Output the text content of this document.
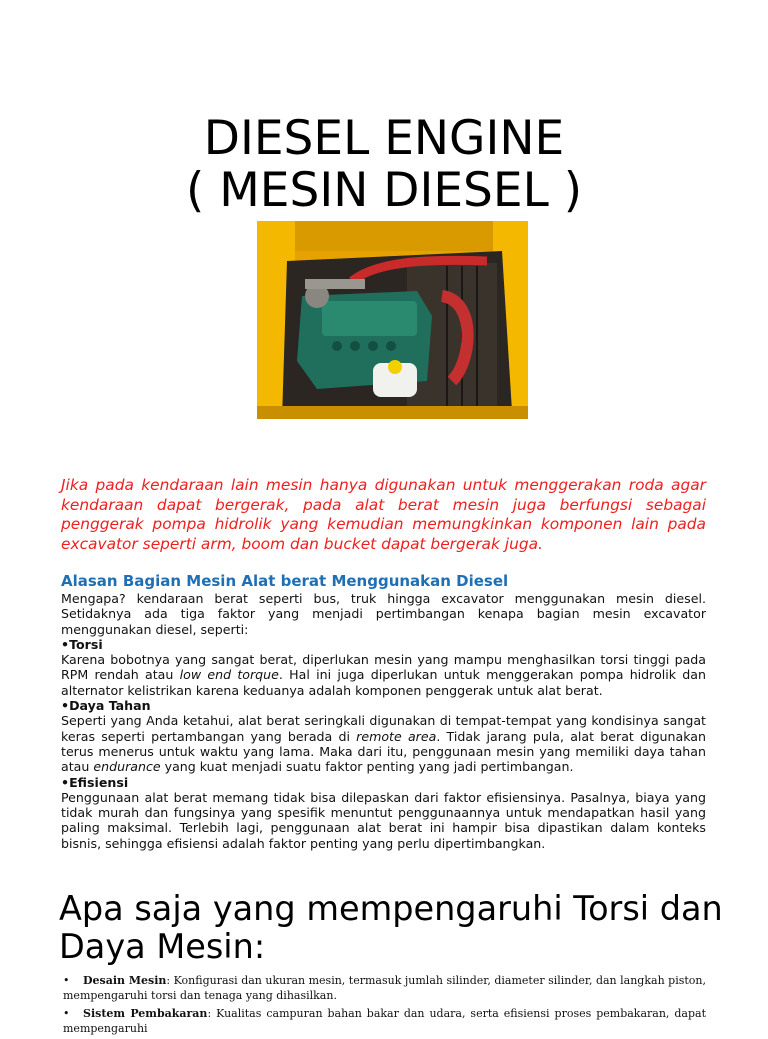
DIESEL ENGINE
( MESIN DIESEL )

Jika pada kendaraan lain mesin hanya digunakan untuk menggerakan roda agar kendaraan dapat bergerak, pada alat berat mesin juga berfungsi sebagai penggerak pompa hidrolik yang kemudian memungkinkan komponen lain pada excavator seperti arm, boom dan bucket dapat bergerak juga.

Alasan Bagian Mesin Alat berat Menggunakan Diesel

Mengapa? kendaraan berat seperti bus, truk hingga excavator menggunakan mesin diesel. Setidaknya ada tiga faktor yang menjadi pertimbangan kenapa bagian mesin excavator menggunakan diesel, seperti:

•Torsi

Karena bobotnya yang sangat berat, diperlukan mesin yang mampu menghasilkan torsi tinggi pada RPM rendah atau low end torque. Hal ini juga diperlukan untuk menggerakan pompa hidrolik dan alternator kelistrikan karena keduanya adalah komponen penggerak untuk alat berat.

•Daya Tahan

Seperti yang Anda ketahui, alat berat seringkali digunakan di tempat-tempat yang kondisinya sangat keras seperti pertambangan yang berada di remote area. Tidak jarang pula, alat berat digunakan terus menerus untuk waktu yang lama. Maka dari itu, penggunaan mesin yang memiliki daya tahan atau endurance yang kuat menjadi suatu faktor penting yang jadi pertimbangan.

•Efisiensi

Penggunaan alat berat memang tidak bisa dilepaskan dari faktor efisiensinya. Pasalnya, biaya yang tidak murah dan fungsinya yang spesifik menuntut penggunaannya untuk mendapatkan hasil yang paling maksimal. Terlebih lagi, penggunaan alat berat ini hampir bisa dipastikan dalam konteks bisnis, sehingga efisiensi adalah faktor penting yang perlu dipertimbangkan.

Apa saja yang mempengaruhi Torsi dan Daya Mesin:
• Desain Mesin: Konfigurasi dan ukuran mesin, termasuk jumlah silinder, diameter silinder, dan langkah piston, mempengaruhi torsi dan tenaga yang dihasilkan.
• Sistem Pembakaran: Kualitas campuran bahan bakar dan udara, serta efisiensi proses pembakaran, dapat mempengaruhi
